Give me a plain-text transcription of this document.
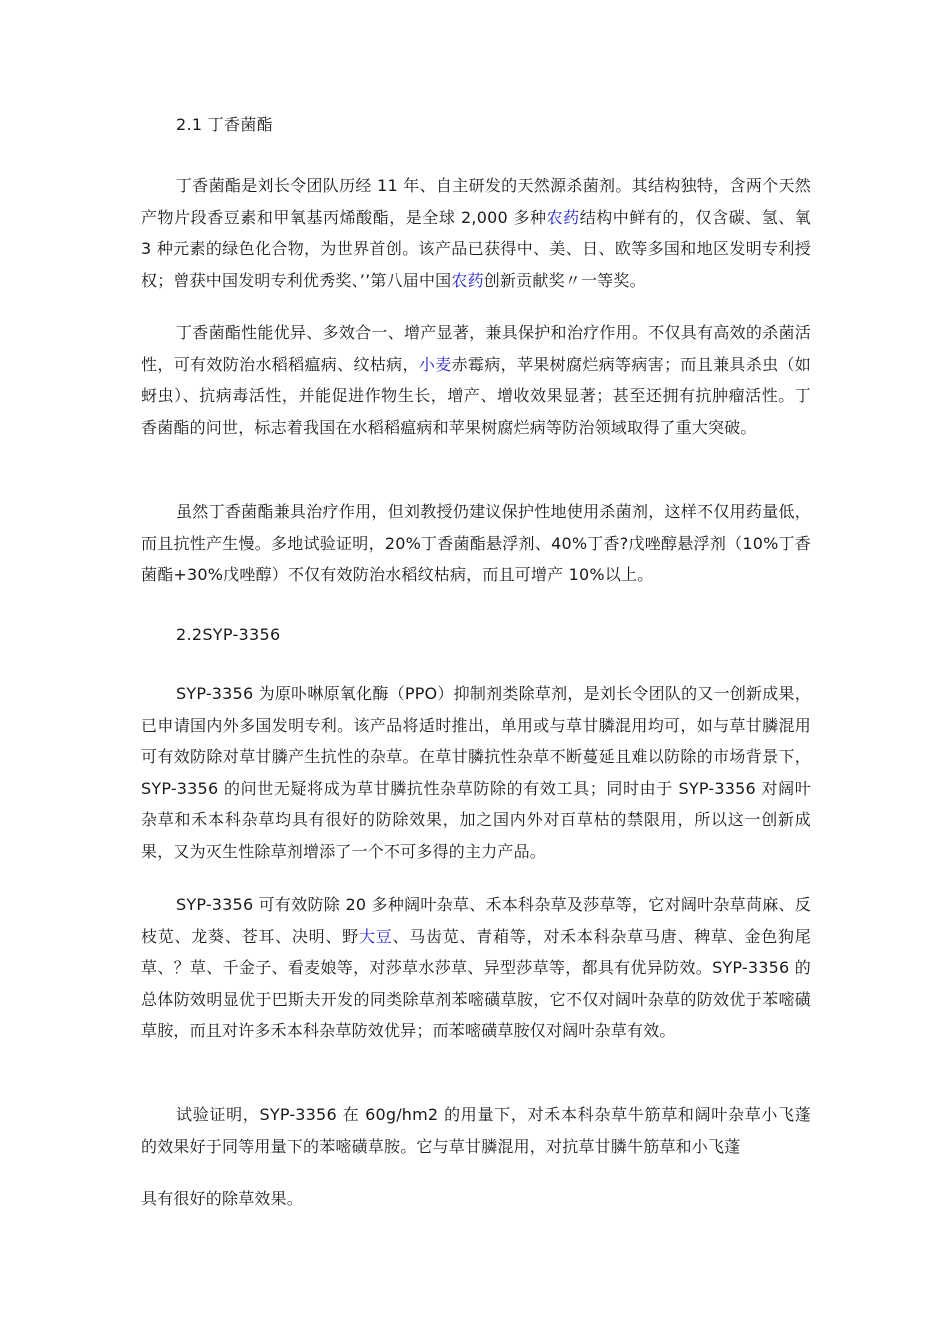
2.1 丁香菌酯

丁香菌酯是刘长令团队历经 11 年、自主研发的天然源杀菌剂。其结构独特，含两个天然产物片段香豆素和甲氧基丙烯酸酯，是全球 2,000 多种农药结构中鲜有的，仅含碳、氢、氧 3 种元素的绿色化合物，为世界首创。该产品已获得中、美、日、欧等多国和地区发明专利授权；曾获中国发明专利优秀奖、’’第八届中国农药创新贡献奖〃一等奖。

丁香菌酯性能优异、多效合一、增产显著，兼具保护和治疗作用。不仅具有高效的杀菌活性，可有效防治水稻稻瘟病、纹枯病，小麦赤霉病，苹果树腐烂病等病害；而且兼具杀虫（如蚜虫）、抗病毒活性，并能促进作物生长，增产、增收效果显著；甚至还拥有抗肿瘤活性。丁香菌酯的问世，标志着我国在水稻稻瘟病和苹果树腐烂病等防治领域取得了重大突破。

虽然丁香菌酯兼具治疗作用，但刘教授仍建议保护性地使用杀菌剂，这样不仅用药量低，而且抗性产生慢。多地试验证明，20%丁香菌酯悬浮剂、40%丁香?戊唑醇悬浮剂（10%丁香菌酯+30%戊唑醇）不仅有效防治水稻纹枯病，而且可增产 10%以上。

2.2SYP-3356

SYP-3356 为原卟啉原氧化酶（PPO）抑制剂类除草剂，是刘长令团队的又一创新成果，已申请国内外多国发明专利。该产品将适时推出，单用或与草甘膦混用均可，如与草甘膦混用可有效防除对草甘膦产生抗性的杂草。在草甘膦抗性杂草不断蔓延且难以防除的市场背景下，SYP-3356 的问世无疑将成为草甘膦抗性杂草防除的有效工具；同时由于 SYP-3356 对阔叶杂草和禾本科杂草均具有很好的防除效果，加之国内外对百草枯的禁限用，所以这一创新成果，又为灭生性除草剂增添了一个不可多得的主力产品。

SYP-3356 可有效防除 20 多种阔叶杂草、禾本科杂草及莎草等，它对阔叶杂草苘麻、反枝苋、龙葵、苍耳、决明、野大豆、马齿苋、青葙等，对禾本科杂草马唐、稗草、金色狗尾草、？草、千金子、看麦娘等，对莎草水莎草、异型莎草等，都具有优异防效。SYP-3356 的总体防效明显优于巴斯夫开发的同类除草剂苯嘧磺草胺，它不仅对阔叶杂草的防效优于苯嘧磺草胺，而且对许多禾本科杂草防效优异；而苯嘧磺草胺仅对阔叶杂草有效。

试验证明，SYP-3356 在 60g/hm2 的用量下，对禾本科杂草牛筋草和阔叶杂草小飞蓬的效果好于同等用量下的苯嘧磺草胺。它与草甘膦混用，对抗草甘膦牛筋草和小飞蓬

具有很好的除草效果。
